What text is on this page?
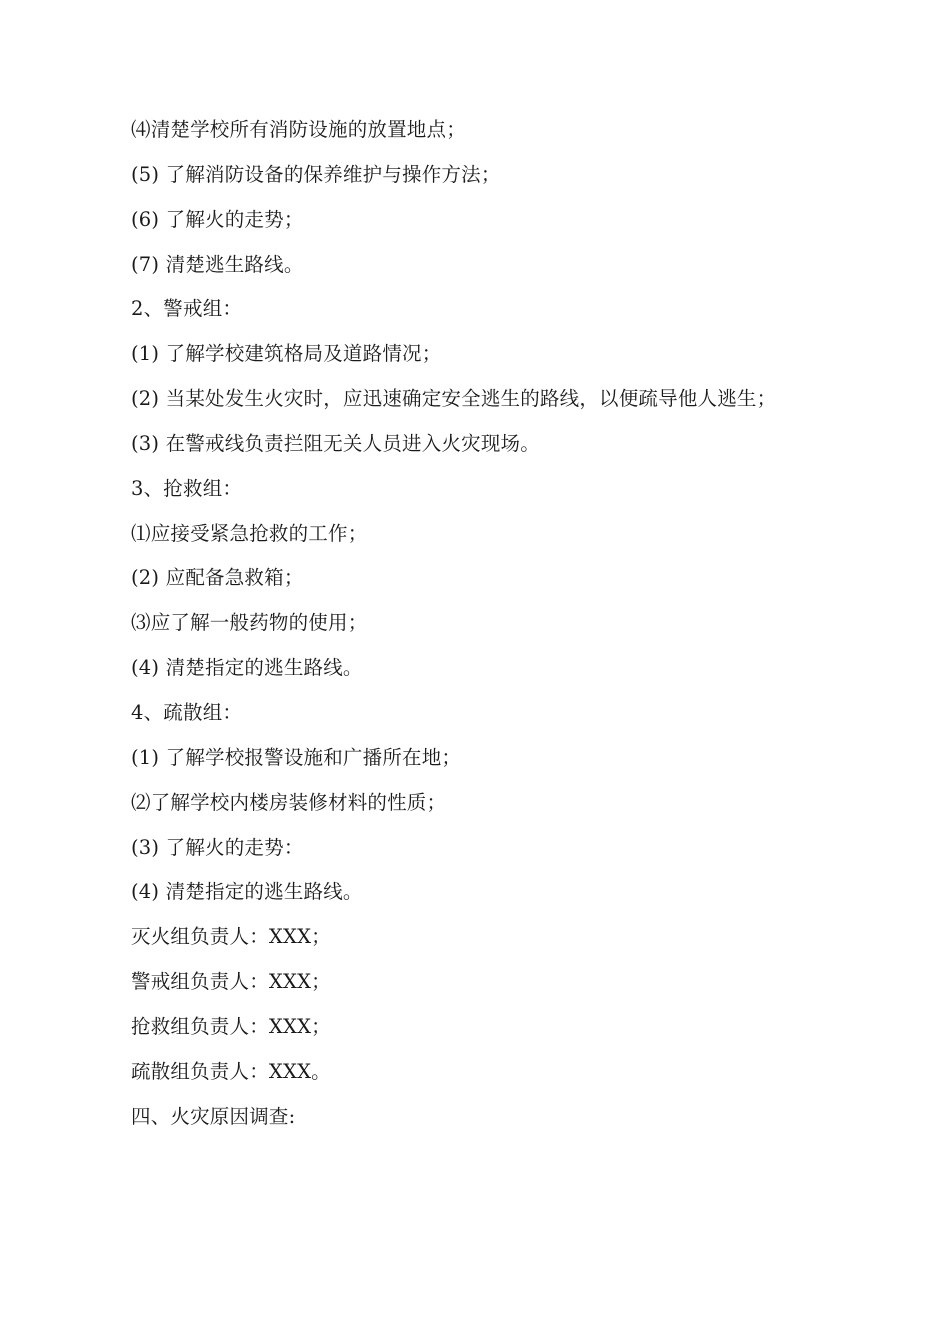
⑷清楚学校所有消防设施的放置地点；
(5) 了解消防设备的保养维护与操作方法；
(6) 了解火的走势；
(7) 清楚逃生路线。
2、警戒组：
(1) 了解学校建筑格局及道路情况；
(2) 当某处发生火灾时，应迅速确定安全逃生的路线，以便疏导他人逃生；
(3) 在警戒线负责拦阻无关人员进入火灾现场。
3、抢救组：
⑴应接受紧急抢救的工作；
(2) 应配备急救箱；
⑶应了解一般药物的使用；
(4) 清楚指定的逃生路线。
4、疏散组：
(1) 了解学校报警设施和广播所在地；
⑵了解学校内楼房装修材料的性质；
(3) 了解火的走势：
(4) 清楚指定的逃生路线。
灭火组负责人：XXX；
警戒组负责人：XXX；
抢救组负责人：XXX；
疏散组负责人：XXX。
四、火灾原因调查:
